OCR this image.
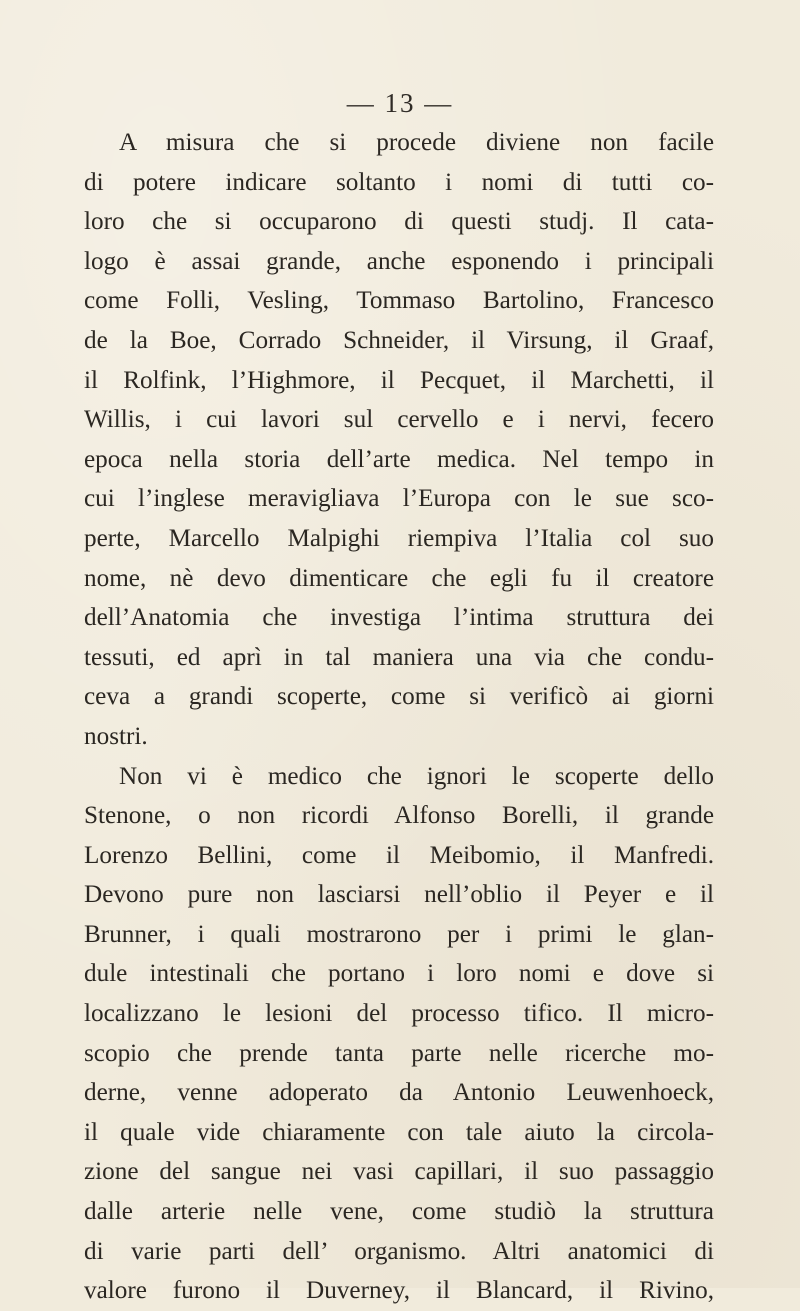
— 13 —
A misura che si procede diviene non facile
di potere indicare soltanto i nomi di tutti co-
loro che si occuparono di questi studj. Il cata-
logo è assai grande, anche esponendo i principali
come Folli, Vesling, Tommaso Bartolino, Francesco
de la Boe, Corrado Schneider, il Virsung, il Graaf,
il Rolfink, l’Highmore, il Pecquet, il Marchetti, il
Willis, i cui lavori sul cervello e i nervi, fecero
epoca nella storia dell’arte medica. Nel tempo in
cui l’inglese meravigliava l’Europa con le sue sco-
perte, Marcello Malpighi riempiva l’Italia col suo
nome, nè devo dimenticare che egli fu il creatore
dell’Anatomia che investiga l’intima struttura dei
tessuti, ed aprì in tal maniera una via che condu-
ceva a grandi scoperte, come si verificò ai giorni
nostri.
Non vi è medico che ignori le scoperte dello
Stenone, o non ricordi Alfonso Borelli, il grande
Lorenzo Bellini, come il Meibomio, il Manfredi.
Devono pure non lasciarsi nell’oblio il Peyer e il
Brunner, i quali mostrarono per i primi le glan-
dule intestinali che portano i loro nomi e dove si
localizzano le lesioni del processo tifico. Il micro-
scopio che prende tanta parte nelle ricerche mo-
derne, venne adoperato da Antonio Leuwenhoeck,
il quale vide chiaramente con tale aiuto la circola-
zione del sangue nei vasi capillari, il suo passaggio
dalle arterie nelle vene, come studiò la struttura
di varie parti dell’ organismo. Altri anatomici di
valore furono il Duverney, il Blancard, il Rivino,
